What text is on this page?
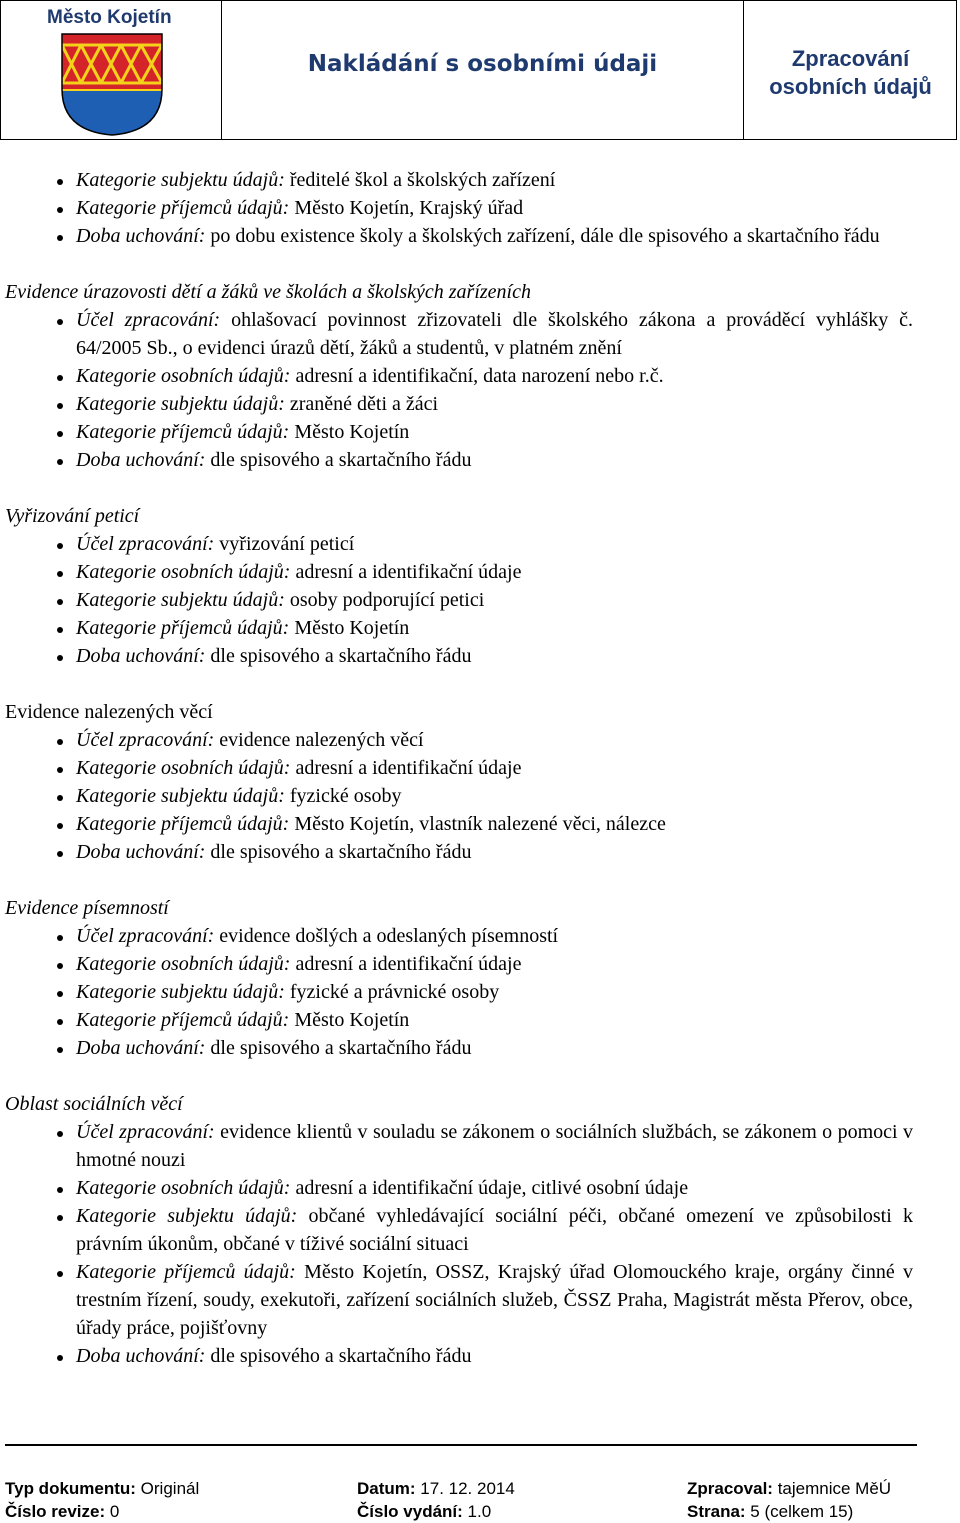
Město Kojetín
Nakládání s osobními údaji	Zpracování
osobních údajů
Kategorie subjektu údajů: ředitelé škol a školských zařízení
Kategorie příjemců údajů: Město Kojetín, Krajský úřad
Doba uchování: po dobu existence školy a školských zařízení, dále dle spisového a skartačního řádu
Evidence úrazovosti dětí a žáků ve školách a školských zařízeních
Účel zpracování: ohlašovací povinnost zřizovateli dle školského zákona a prováděcí vyhlášky č. 64/2005 Sb., o evidenci úrazů dětí, žáků a studentů, v platném znění
Kategorie osobních údajů: adresní a identifikační, data narození nebo r.č.
Kategorie subjektu údajů: zraněné děti a žáci
Kategorie příjemců údajů: Město Kojetín
Doba uchování: dle spisového a skartačního řádu
Vyřizování peticí
Účel zpracování: vyřizování peticí
Kategorie osobních údajů: adresní a identifikační údaje
Kategorie subjektu údajů: osoby podporující petici
Kategorie příjemců údajů: Město Kojetín
Doba uchování: dle spisového a skartačního řádu
Evidence nalezených věcí
Účel zpracování: evidence nalezených věcí
Kategorie osobních údajů: adresní a identifikační údaje
Kategorie subjektu údajů: fyzické osoby
Kategorie příjemců údajů: Město Kojetín, vlastník nalezené věci, nálezce
Doba uchování: dle spisového a skartačního řádu
Evidence písemností
Účel zpracování: evidence došlých a odeslaných písemností
Kategorie osobních údajů: adresní a identifikační údaje
Kategorie subjektu údajů: fyzické a právnické osoby
Kategorie příjemců údajů: Město Kojetín
Doba uchování: dle spisového a skartačního řádu
Oblast sociálních věcí
Účel zpracování: evidence klientů v souladu se zákonem o sociálních službách, se zákonem o pomoci v hmotné nouzi
Kategorie osobních údajů: adresní a identifikační údaje, citlivé osobní údaje
Kategorie subjektu údajů: občané vyhledávající sociální péči, občané omezení ve způsobilosti k právním úkonům, občané v tíživé sociální situaci
Kategorie příjemců údajů: Město Kojetín, OSSZ, Krajský úřad Olomouckého kraje, orgány činné v trestním řízení, soudy, exekutoři, zařízení sociálních služeb, ČSSZ Praha, Magistrát města Přerov, obce, úřady práce, pojišťovny
Doba uchování: dle spisového a skartačního řádu
Typ dokumentu: Originál
Číslo revize: 0
Datum: 17. 12. 2014
Číslo vydání: 1.0
Zpracoval: tajemnice MěÚ
Strana: 5 (celkem 15)
